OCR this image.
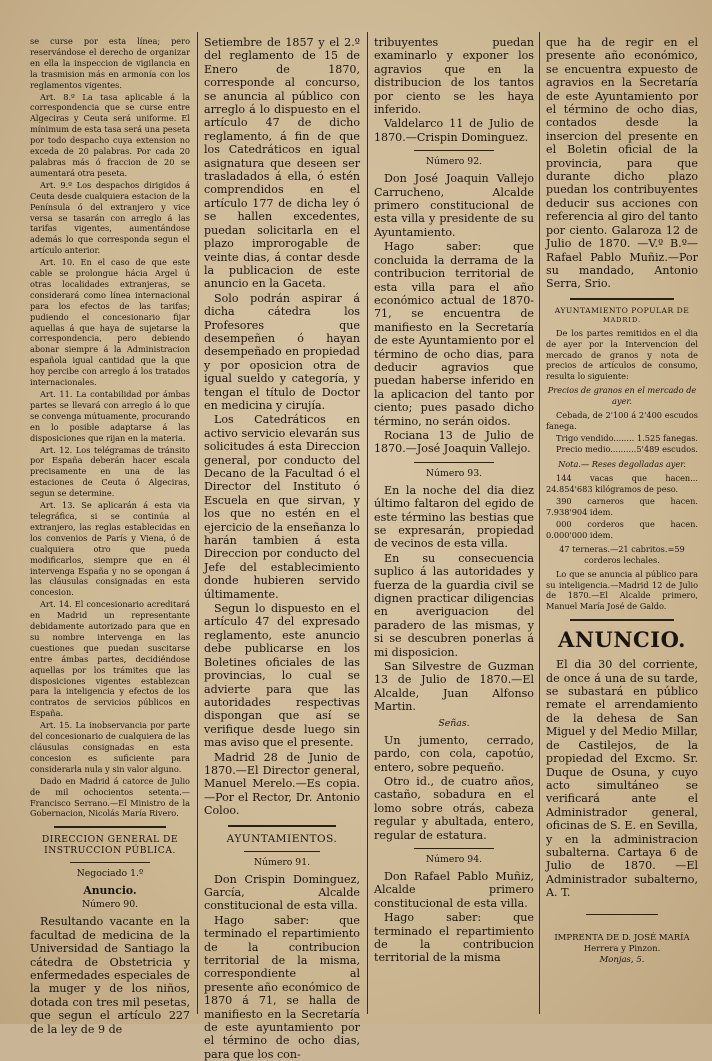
se curse por esta línea; pero reservándose el derecho de organizar en ella la inspeccion de vigilancia en la trasmision más en armonía con los reglamentos vigentes.

Art. 8.º La tasa aplicable á la correspondencia que se curse entre Algeciras y Ceuta será uniforme. El mínimum de esta tasa será una peseta por todo despacho cuya extension no exceda de 20 palabras. Por cada 20 palabras más ó fraccion de 20 se aumentará otra peseta.

Art. 9.º Los despachos dirigidos á Ceuta desde cualquiera estacion de la Península ó del extranjero y vice versa se tasarán con arreglo á las tarifas vigentes, aumentándose además lo que corresponda segun el artículo anterior.

Art. 10. En el caso de que este cable se prolongue hácia Argel ú otras localidades extranjeras, se considerará como línea internacional para los efectos de las tarifas; pudiendo el concesionario fijar aquellas á que haya de sujetarse la correspondencia, pero debiendo abonar siempre á la Administracion española igual cantidad que la que hoy percibe con arreglo á los tratados internacionales.

Art. 11. La contabilidad por ámbas partes se llevará con arreglo á lo que se convenga mútuamente, procurando en lo posible adaptarse á las disposiciones que rijan en la materia.

Art. 12. Los telégramas de tránsito por España deberán hacer escala precisamente en una de las estaciones de Ceuta ó Algeciras, segun se determine.

Art. 13. Se aplicarán á esta via telegráfica, si se continúa al extranjero, las reglas establecidas en los convenios de París y Viena, ó de cualquiera otro que pueda modificarlos, siempre que en él intervenga España y no se opongan á las cláusulas consignadas en esta concesion.

Art. 14. El concesionario acreditará en Madrid un representante debidamente autorizado para que en su nombre intervenga en las cuestiones que puedan suscitarse entre ámbas partes, decidiéndose aquellas por los trámites que las disposiciones vigentes establezcan para la inteligencia y efectos de los contratos de servicios públicos en España.

Art. 15. La inobservancia por parte del concesionario de cualquiera de las cláusulas consignadas en esta concesion es suficiente para considerarla nula y sin valor alguno.

Dado en Madrid á catorce de Julio de mil ochocientos setenta.—Francisco Serrano.—El Ministro de la Gobernacion, Nicolás María Rivero.

DIRECCION GENERAL DE INSTRUCCION PÚBLICA.
Negociado 1.º
Anuncio.
Número 90.

Resultando vacante en la facultad de medicina de la Universidad de Santiago la cátedra de Obstetricia y enfermedades especiales de la muger y de los niños, dotada con tres mil pesetas, que segun el artículo 227 de la ley de 9 de

Setiembre de 1857 y el 2.º del reglamento de 15 de Enero de 1870, corresponde al concurso, se anuncia al público con arreglo á lo dispuesto en el artículo 47 de dicho reglamento, á fin de que los Catedráticos en igual asignatura que deseen ser trasladados á ella, ó estén comprendidos en el artículo 177 de dicha ley ó se hallen excedentes, puedan solicitarla en el plazo improrogable de veinte dias, á contar desde la publicacion de este anuncio en la Gaceta.

Solo podrán aspirar á dicha cátedra los Profesores que desempeñen ó hayan desempeñado en propiedad y por oposicion otra de igual sueldo y categoría, y tengan el título de Doctor en medicina y cirujía.

Los Catedráticos en activo servicio elevarán sus solicitudes á esta Direccion general, por conducto del Decano de la Facultad ó el Director del Instituto ó Escuela en que sirvan, y los que no estén en el ejercicio de la enseñanza lo harán tambien á esta Direccion por conducto del Jefe del establecimiento donde hubieren servido últimamente.

Segun lo dispuesto en el artículo 47 del expresado reglamento, este anuncio debe publicarse en los Boletines oficiales de las provincias, lo cual se advierte para que las autoridades respectivas dispongan que así se verifique desde luego sin mas aviso que el presente.

Madrid 28 de Junio de 1870.—El Director general, Manuel Merelo.—Es copia.—Por el Rector, Dr. Antonio Coloo.

AYUNTAMIENTOS.
Número 91.

Don Crispin Dominguez, García, Alcalde constitucional de esta villa.

Hago saber: que terminado el repartimiento de la contribucion territorial de la misma, correspondiente al presente año económico de 1870 á 71, se halla de manifiesto en la Secretaría de este ayuntamiento por el término de ocho dias, para que los con-

tribuyentes puedan examinarlo y exponer los agravios que en la distribucion de los tantos por ciento se les haya inferido.

Valdelarco 11 de Julio de 1870.—Crispin Dominguez.

Número 92.

Don José Joaquin Vallejo Carrucheno, Alcalde primero constitucional de esta villa y presidente de su Ayuntamiento.

Hago saber: que concluida la derrama de la contribucion territorial de esta villa para el año económico actual de 1870-71, se encuentra de manifiesto en la Secretaría de este Ayuntamiento por el término de ocho dias, para deducir agravios que puedan haberse inferido en la aplicacion del tanto por ciento; pues pasado dicho término, no serán oidos.

Rociana 13 de Julio de 1870.—José Joaquin Vallejo.

Número 93.

En la noche del dia diez último faltaron del egido de este término las bestias que se expresarán, propiedad de vecinos de esta villa.

En su consecuencia suplico á las autoridades y fuerza de la guardia civil se dignen practicar diligencias en averiguacion del paradero de las mismas, y si se descubren ponerlas á mi disposicion.

San Silvestre de Guzman 13 de Julio de 1870.—El Alcalde, Juan Alfonso Martin.

Señas.

Un jumento, cerrado, pardo, con cola, capotúo, entero, sobre pequeño.

Otro id., de cuatro años, castaño, sobadura en el lomo sobre otrás, cabeza regular y abultada, entero, regular de estatura.

Número 94.

Don Rafael Pablo Muñiz, Alcalde primero constitucional de esta villa.

Hago saber: que terminado el repartimiento de la contribucion territorial de la misma

que ha de regir en el presente año económico, se encuentra expuesto de agravios en la Secretaría de este Ayuntamiento por el término de ocho dias, contados desde la insercion del presente en el Boletin oficial de la provincia, para que durante dicho plazo puedan los contribuyentes deducir sus acciones con referencia al giro del tanto por ciento. Galaroza 12 de Julio de 1870. —V.º B.º—Rafael Pablo Muñiz.—Por su mandado, Antonio Serra, Srio.

AYUNTAMIENTO POPULAR DE
MADRID.

De los partes remitidos en el dia de ayer por la Intervencion del mercado de granos y nota de precios de artículos de consumo, resulta lo siguiente:

Precios de granos en el mercado de ayer.

Cebada, de 2'100 á 2'400 escudos fanega.

Trigo vendido........ 1.525 fanegas.
Precio medio.......... 5'489 escudos.

Nota.— Reses degolladas ayer.

144 vacas que hacen... 24.854'683 kilógramos de peso.

390 carneros que hacen. 7.938'904 idem.

000 corderos que hacen. 0.000'000 idem.

47 terneras.—21 cabritos.=59 corderos lechales.

Lo que se anuncia al público para su inteligencia.—Madrid 12 de Julio de 1870.—El Alcalde primero, Manuel María José de Galdo.

ANUNCIO.

El dia 30 del corriente, de once á una de su tarde, se subastará en público remate el arrendamiento de la dehesa de San Miguel y del Medio Millar, de Castilejos, de la propiedad del Excmo. Sr. Duque de Osuna, y cuyo acto simultáneo se verificará ante el Administrador general, oficinas de S. E. en Sevilla, y en la administracion subalterna. Cartaya 6 de Julio de 1870. —El Administrador subalterno, A. T.

IMPRENTA DE D. JOSÉ MARÍA Herrera y Pinzon.
Monjas, 5.
